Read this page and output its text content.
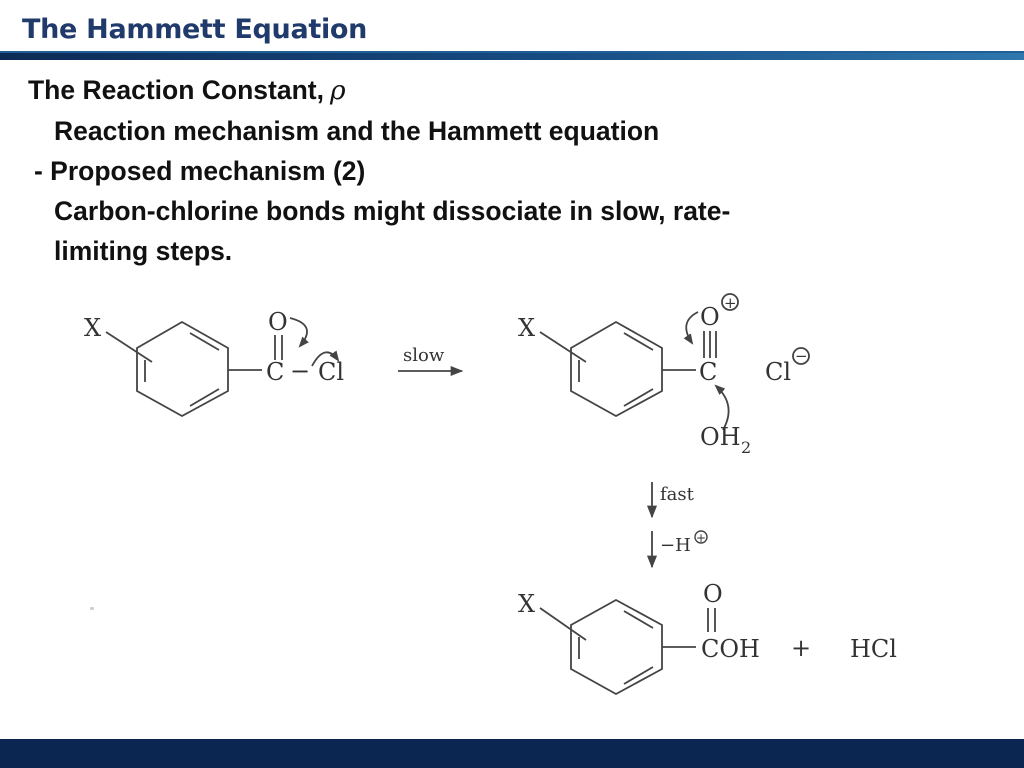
The Hammett Equation
The Reaction Constant, ρ
Reaction mechanism and the Hammett equation
- Proposed mechanism (2)
Carbon-chlorine bonds might dissociate in slow, rate-
limiting steps.
X	O
C − Cl
slow
X	O +
C Cl
−
OH 2
fast
−H +
X	O
COH + HCl
